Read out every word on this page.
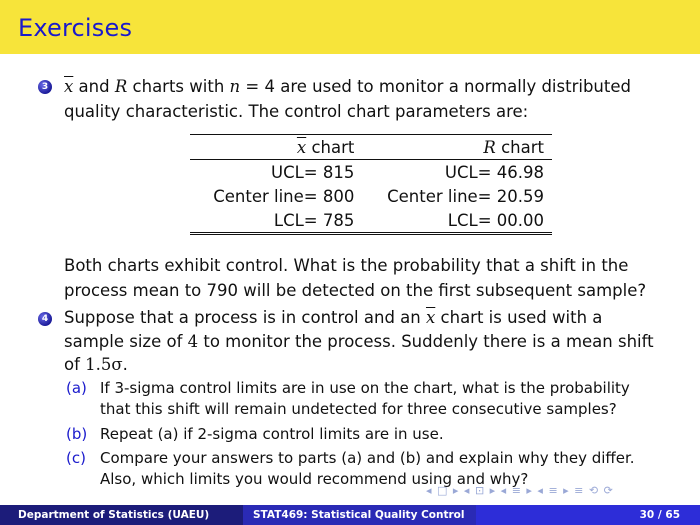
Exercises
3 $\overline{x}$ and R charts with n = 4 are used to monitor a normally distributed
quality characteristic. The control chart parameters are:
$\overline{x}$ chart	R chart
UCL= 815	UCL= 46.98
Center line= 800	Center line= 20.59
LCL= 785	LCL= 00.00
Both charts exhibit control. What is the probability that a shift in the
process mean to 790 will be detected on the first subsequent sample?
4 Suppose that a process is in control and an $\overline{x}$ chart is used with a
sample size of 4 to monitor the process. Suddenly there is a mean shift
of 1.5σ.
(a) If 3-sigma control limits are in use on the chart, what is the probability
that this shift will remain undetected for three consecutive samples?
(b) Repeat (a) if 2-sigma control limits are in use.
(c) Compare your answers to parts (a) and (b) and explain why they differ.
Also, which limits you would recommend using and why?
◂ □ ▸ ◂ ⊡ ▸ ◂ ≡ ▸ ◂ ≡ ▸ ≡ ⟲ ⟳
Department of Statistics (UAEU)	STAT469: Statistical Quality Control	30 / 65
